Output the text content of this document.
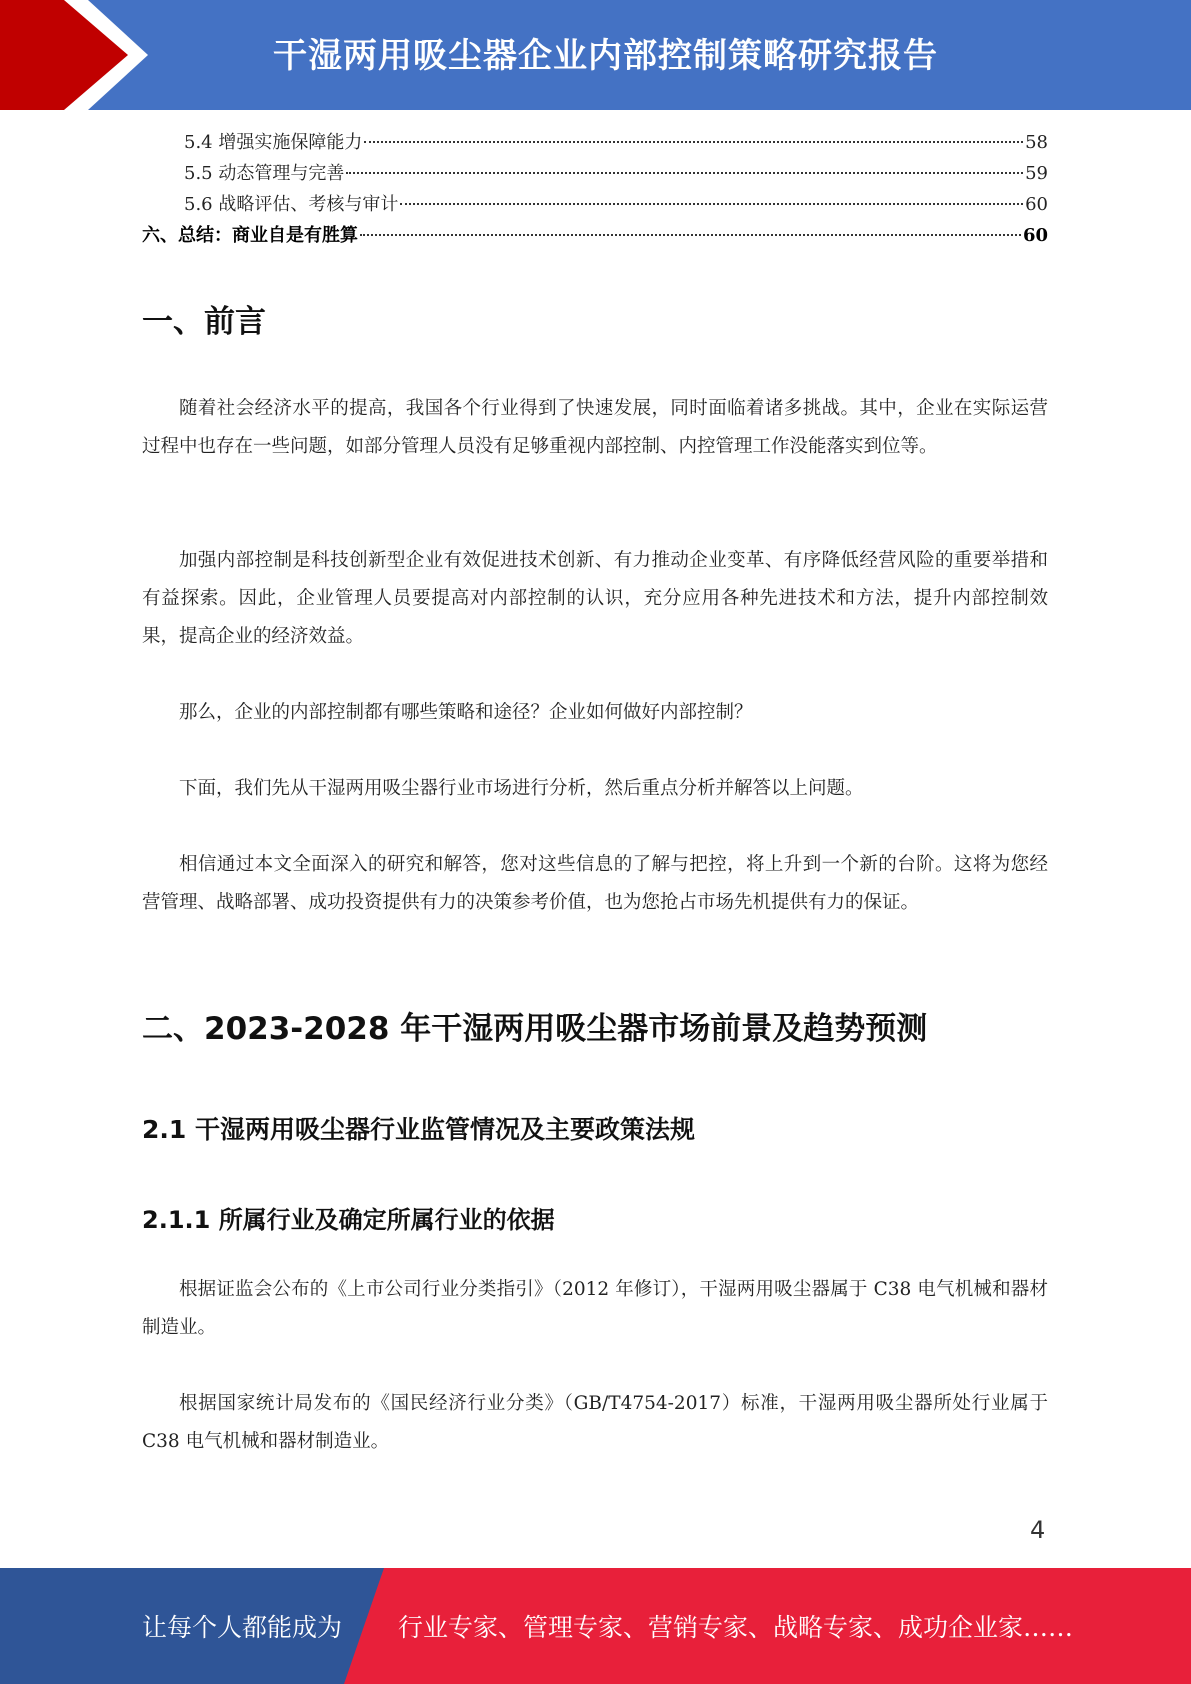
干湿两用吸尘器企业内部控制策略研究报告
5.4 增强实施保障能力	58
5.5 动态管理与完善	59
5.6 战略评估、考核与审计	60
六、总结：商业自是有胜算	60
一、前言

随着社会经济水平的提高，我国各个行业得到了快速发展，同时面临着诸多挑战。其中，企业在实际运营过程中也存在一些问题，如部分管理人员没有足够重视内部控制、内控管理工作没能落实到位等。

加强内部控制是科技创新型企业有效促进技术创新、有力推动企业变革、有序降低经营风险的重要举措和有益探索。因此，企业管理人员要提高对内部控制的认识，充分应用各种先进技术和方法，提升内部控制效果，提高企业的经济效益。

那么，企业的内部控制都有哪些策略和途径？企业如何做好内部控制？

下面，我们先从干湿两用吸尘器行业市场进行分析，然后重点分析并解答以上问题。

相信通过本文全面深入的研究和解答，您对这些信息的了解与把控，将上升到一个新的台阶。这将为您经营管理、战略部署、成功投资提供有力的决策参考价值，也为您抢占市场先机提供有力的保证。

二、2023-2028 年干湿两用吸尘器市场前景及趋势预测
2.1 干湿两用吸尘器行业监管情况及主要政策法规
2.1.1 所属行业及确定所属行业的依据

根据证监会公布的《上市公司行业分类指引》（2012 年修订），干湿两用吸尘器属于 C38 电气机械和器材制造业。

根据国家统计局发布的《国民经济行业分类》（GB/T4754-2017）标准，干湿两用吸尘器所处行业属于 C38 电气机械和器材制造业。

4
让每个人都能成为 行业专家、管理专家、营销专家、战略专家、成功企业家……
